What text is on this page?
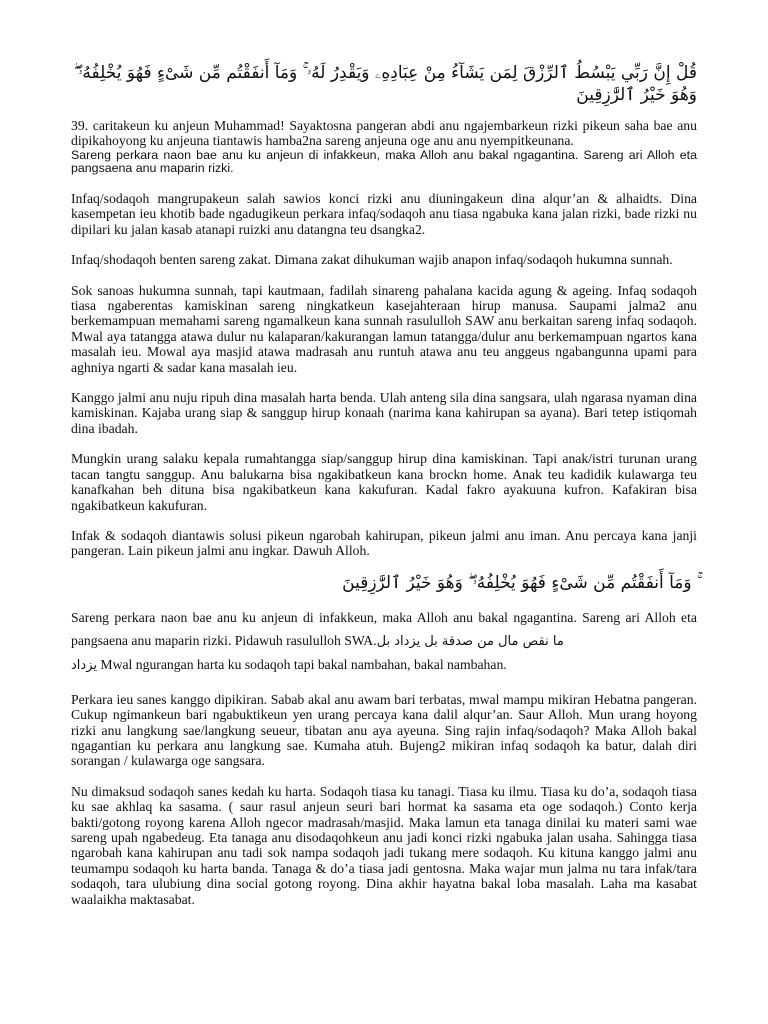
قُلْ إِنَّ رَبِّي يَبْسُطُ ٱلرِّزْقَ لِمَن يَشَآءُ مِنْ عِبَادِهِۦ وَيَقْدِرُ لَهُۥ ۚ وَمَآ أَنفَقْتُم مِّن شَىْءٍ فَهُوَ يُخْلِفُهُۥ ۖ وَهُوَ خَيْرُ ٱلرَّٰزِقِينَ

39. caritakeun ku anjeun Muhammad! Sayaktosna pangeran abdi anu ngajembarkeun rizki pikeun saha bae anu dipikahoyong ku anjeuna tiantawis hamba2na sareng anjeuna oge anu anu nyempitkeunana.

Sareng perkara naon bae anu ku anjeun di infakkeun, maka Alloh anu bakal ngagantina. Sareng ari Alloh eta pangsaena anu maparin rizki.

Infaq/sodaqoh mangrupakeun salah sawios konci rizki anu diuningakeun dina alqur’an & alhaidts. Dina kasempetan ieu khotib bade ngadugikeun perkara infaq/sodaqoh anu tiasa ngabuka kana jalan rizki, bade rizki nu dipilari ku jalan kasab atanapi ruizki anu datangna teu dsangka2.

Infaq/shodaqoh benten sareng zakat. Dimana zakat dihukuman wajib anapon infaq/sodaqoh hukumna sunnah.

Sok sanoas hukumna sunnah, tapi kautmaan, fadilah sinareng pahalana kacida agung & ageing. Infaq sodaqoh tiasa ngaberentas kamiskinan sareng ningkatkeun kasejahteraan hirup manusa. Saupami jalma2 anu berkemampuan memahami sareng ngamalkeun kana sunnah rasululloh SAW anu berkaitan sareng infaq sodaqoh. Mwal aya tatangga atawa dulur nu kalaparan/kakurangan lamun tatangga/dulur anu berkemampuan ngartos kana masalah ieu. Mowal aya masjid atawa madrasah anu runtuh atawa anu teu anggeus ngabangunna upami para aghniya ngarti & sadar kana masalah ieu.

Kanggo jalmi anu nuju ripuh dina masalah harta benda. Ulah anteng sila dina sangsara, ulah ngarasa nyaman dina kamiskinan. Kajaba urang siap & sanggup hirup konaah (narima kana kahirupan sa ayana). Bari tetep istiqomah dina ibadah.

Mungkin urang salaku kepala rumahtangga siap/sanggup hirup dina kamiskinan. Tapi anak/istri turunan urang tacan tangtu sanggup. Anu balukarna bisa ngakibatkeun kana brockn home. Anak teu kadidik kulawarga teu kanafkahan beh dituna bisa ngakibatkeun kana kakufuran. Kadal fakro ayakuuna kufron. Kafakiran bisa ngakibatkeun kakufuran.

Infak & sodaqoh diantawis solusi pikeun ngarobah kahirupan, pikeun jalmi anu iman. Anu percaya kana janji pangeran. Lain pikeun jalmi anu ingkar. Dawuh Alloh.

ۚ وَمَآ أَنفَقْتُم مِّن شَىْءٍ فَهُوَ يُخْلِفُهُۥ ۖ وَهُوَ خَيْرُ ٱلرَّٰزِقِينَ

Sareng perkara naon bae anu ku anjeun di infakkeun, maka Alloh anu bakal ngagantina. Sareng ari Alloh eta pangsaena anu maparin rizki. Pidawuh rasululloh SWA.ما نقص مال من صدقة بل يزداد بل

يزداد Mwal ngurangan harta ku sodaqoh tapi bakal nambahan, bakal nambahan.

Perkara ieu sanes kanggo dipikiran. Sabab akal anu awam bari terbatas, mwal mampu mikiran Hebatna pangeran. Cukup ngimankeun bari ngabuktikeun yen urang percaya kana dalil alqur’an. Saur Alloh. Mun urang hoyong rizki anu langkung sae/langkung seueur, tibatan anu aya ayeuna. Sing rajin infaq/sodaqoh? Maka Alloh bakal ngagantian ku perkara anu langkung sae. Kumaha atuh. Bujeng2 mikiran infaq sodaqoh ka batur, dalah diri sorangan / kulawarga oge sangsara.

Nu dimaksud sodaqoh sanes kedah ku harta. Sodaqoh tiasa ku tanagi. Tiasa ku ilmu. Tiasa ku do’a, sodaqoh tiasa ku sae akhlaq ka sasama. ( saur rasul anjeun seuri bari hormat ka sasama eta oge sodaqoh.) Conto kerja bakti/gotong royong karena Alloh ngecor madrasah/masjid. Maka lamun eta tanaga dinilai ku materi sami wae sareng upah ngabedeug. Eta tanaga anu disodaqohkeun anu jadi konci rizki ngabuka jalan usaha. Sahingga tiasa ngarobah kana kahirupan anu tadi sok nampa sodaqoh jadi tukang mere sodaqoh. Ku kituna kanggo jalmi anu teumampu sodaqoh ku harta banda. Tanaga & do’a tiasa jadi gentosna. Maka wajar mun jalma nu tara infak/tara sodaqoh, tara ulubiung dina social gotong royong. Dina akhir hayatna bakal loba masalah. Laha ma kasabat waalaikha maktasabat.
